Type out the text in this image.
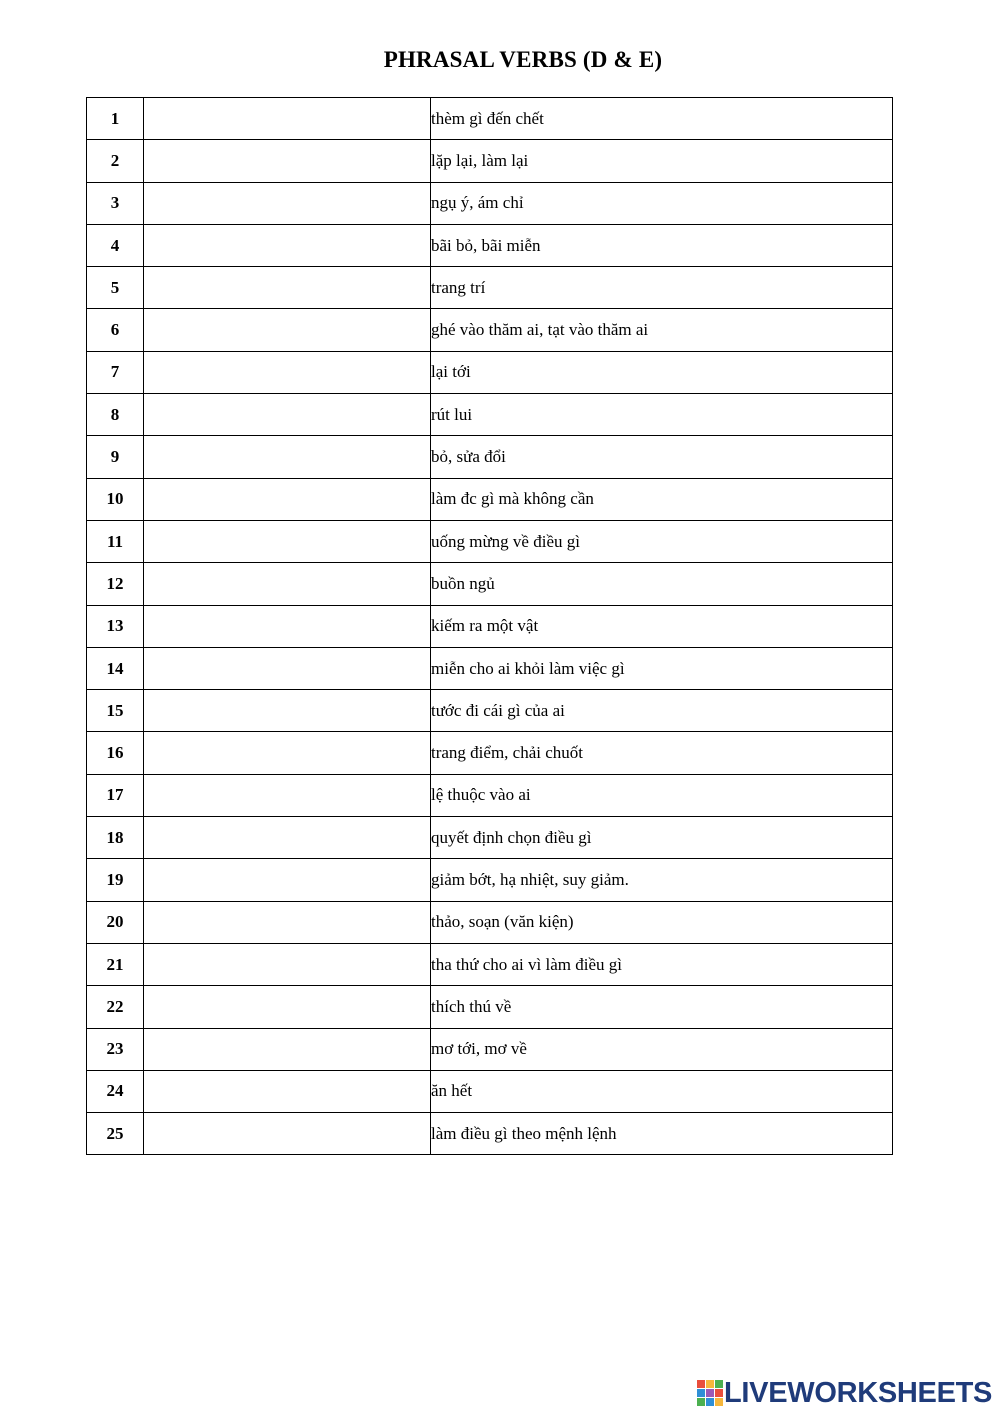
PHRASAL VERBS (D & E)
1		thèm gì đến chết
2		lặp lại, làm lại
3		ngụ ý, ám chỉ
4		bãi bỏ, bãi miễn
5		trang trí
6		ghé vào thăm ai, tạt vào thăm ai
7		lại tới
8		rút lui
9		bỏ, sửa đổi
10		làm đc gì mà không cần
11		uống mừng về điều gì
12		buồn ngủ
13		kiếm ra một vật
14		miễn cho ai khỏi làm việc gì
15		tước đi cái gì của ai
16		trang điểm, chải chuốt
17		lệ thuộc vào ai
18		quyết định chọn điều gì
19		giảm bớt, hạ nhiệt, suy giảm.
20		thảo, soạn (văn kiện)
21		tha thứ cho ai vì làm điều gì
22		thích thú về
23		mơ tới, mơ về
24		ăn hết
25		làm điều gì theo mệnh lệnh
LIVEWORKSHEETS
